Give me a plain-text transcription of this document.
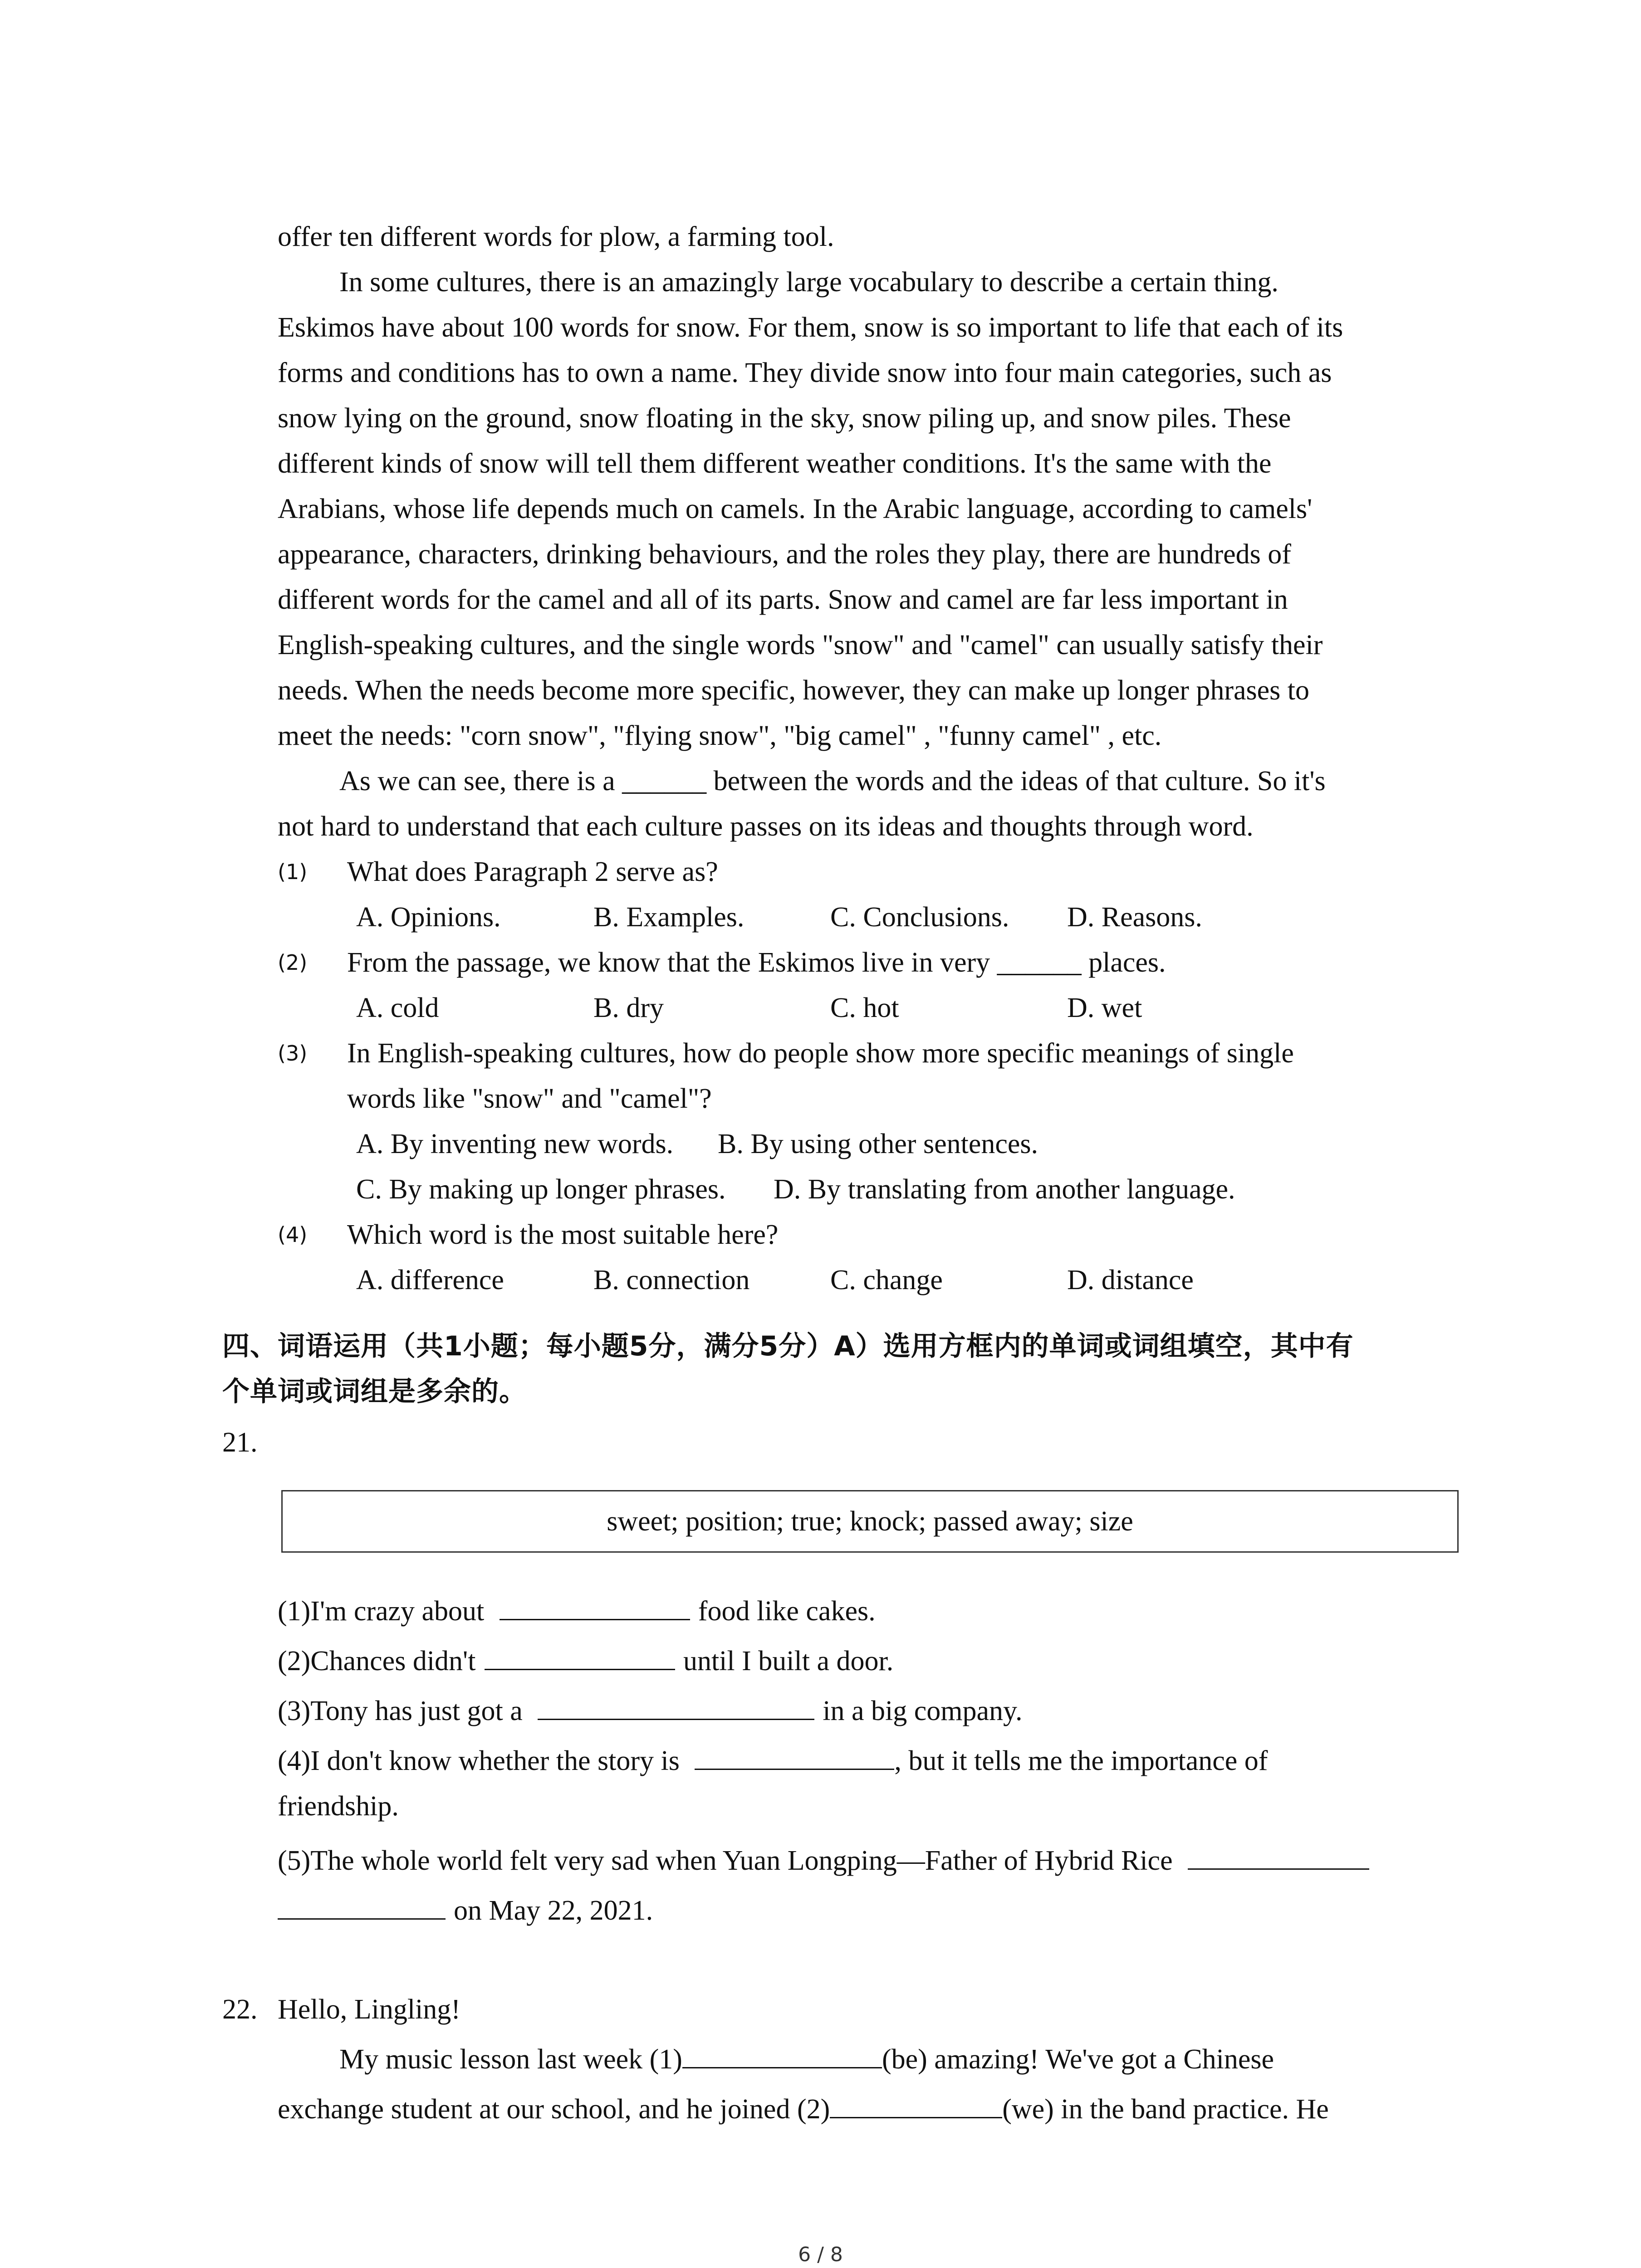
offer ten different words for plow, a farming tool.
In some cultures, there is an amazingly large vocabulary to describe a certain thing.
Eskimos have about 100 words for snow. For them, snow is so important to life that each of its
forms and conditions has to own a name. They divide snow into four main categories, such as
snow lying on the ground, snow floating in the sky, snow piling up, and snow piles. These
different kinds of snow will tell them different weather conditions. It's the same with the
Arabians, whose life depends much on camels. In the Arabic language, according to camels'
appearance, characters, drinking behaviours, and the roles they play, there are hundreds of
different words for the camel and all of its parts. Snow and camel are far less important in
English-speaking cultures, and the single words "snow" and "camel" can usually satisfy their
needs. When the needs become more specific, however, they can make up longer phrases to
meet the needs: "corn snow", "flying snow", "big camel" , "funny camel" , etc.
As we can see, there is a ______ between the words and the ideas of that culture. So it's
not hard to understand that each culture passes on its ideas and thoughts through word.
(1) What does Paragraph 2 serve as?
A. Opinions.	B. Examples.	C. Conclusions. D. Reasons.
(2) From the passage, we know that the Eskimos live in very ______ places.
A. cold	B. dry	C. hot	D. wet
(3) In English-speaking cultures, how do people show more specific meanings of single
words like "snow" and "camel"?
A. By inventing new words. B. By using other sentences.
C. By making up longer phrases. D. By translating from another language.
(4) Which word is the most suitable here?
A. difference	B. connection	C. change	D. distance
四、词语运用（共1小题；每小题5分，满分5分）A）选用方框内的单词或词组填空，其中有
个单词或词组是多余的。
21.
sweet; position; true; knock; passed away; size
(1)I'm crazy about	food like cakes.
(2)Chances didn't	until I built a door.
(3)Tony has just got a	in a big company.
(4)I don't know whether the story is	, but it tells me the importance of
friendship.
(5)The whole world felt very sad when Yuan Longping—Father of Hybrid Rice
on May 22, 2021.
22. Hello, Lingling!
My music lesson last week (1)	(be) amazing! We've got a Chinese
exchange student at our school, and he joined (2)	(we) in the band practice. He
6 / 8
